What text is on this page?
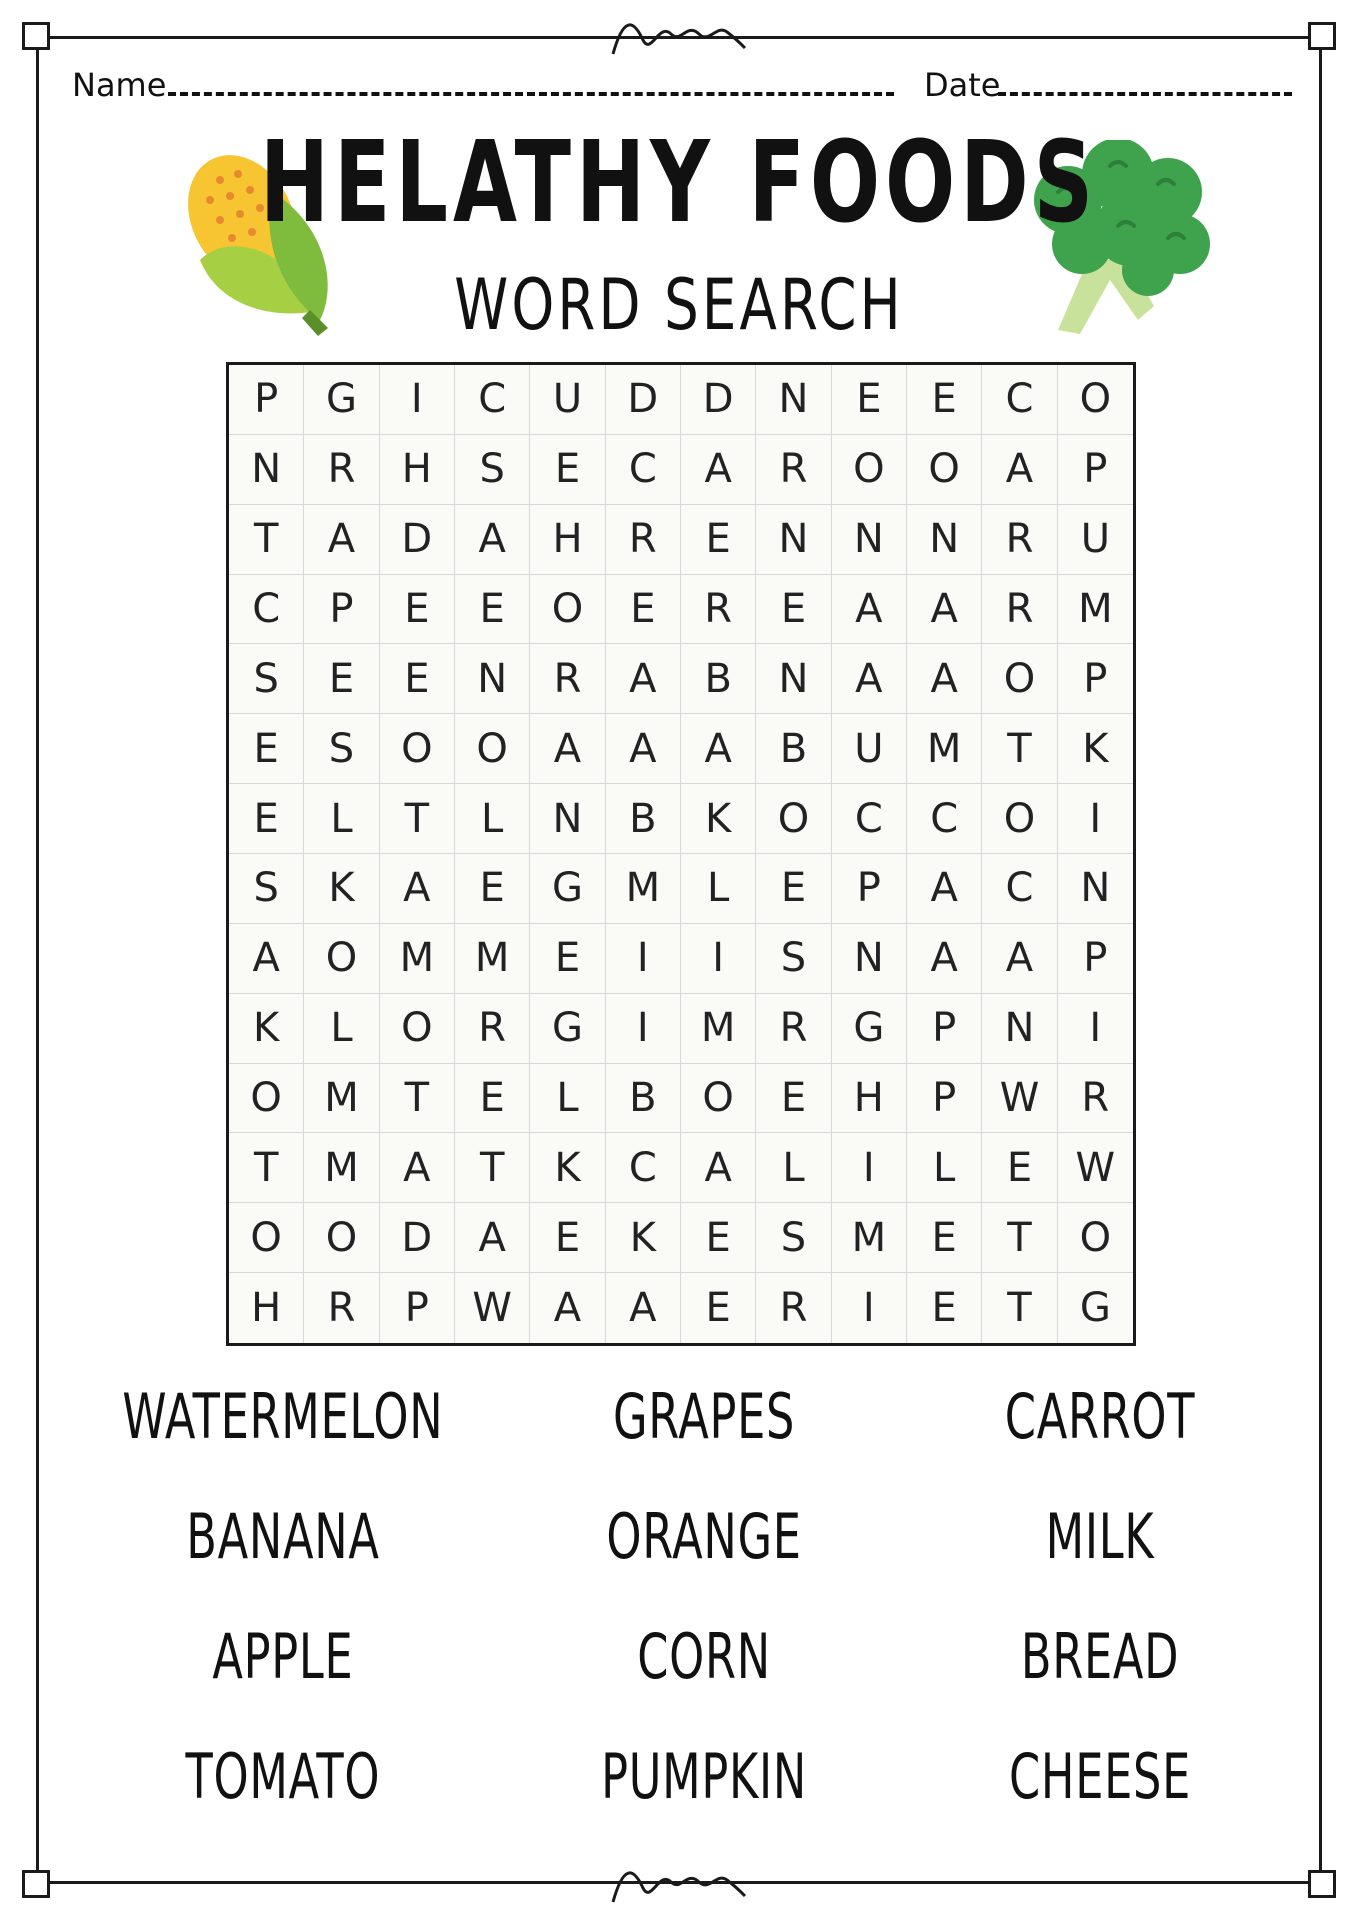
Name	Date
HELATHY FOODS
WORD SEARCH
P	G	I	C	U	D	D	N	E	E	C	O
N	R	H	S	E	C	A	R	O	O	A	P
T	A	D	A	H	R	E	N	N	N	R	U
C	P	E	E	O	E	R	E	A	A	R	M
S	E	E	N	R	A	B	N	A	A	O	P
E	S	O	O	A	A	A	B	U	M	T	K
E	L	T	L	N	B	K	O	C	C	O	I
S	K	A	E	G	M	L	E	P	A	C	N
A	O	M	M	E	I	I	S	N	A	A	P
K	L	O	R	G	I	M	R	G	P	N	I
O	M	T	E	L	B	O	E	H	P	W	R
T	M	A	T	K	C	A	L	I	L	E	W
O	O	D	A	E	K	E	S	M	E	T	O
H	R	P	W	A	A	E	R	I	E	T	G
WATERMELON	GRAPES	CARROT
BANANA	ORANGE	MILK
APPLE	CORN	BREAD
TOMATO	PUMPKIN	CHEESE
